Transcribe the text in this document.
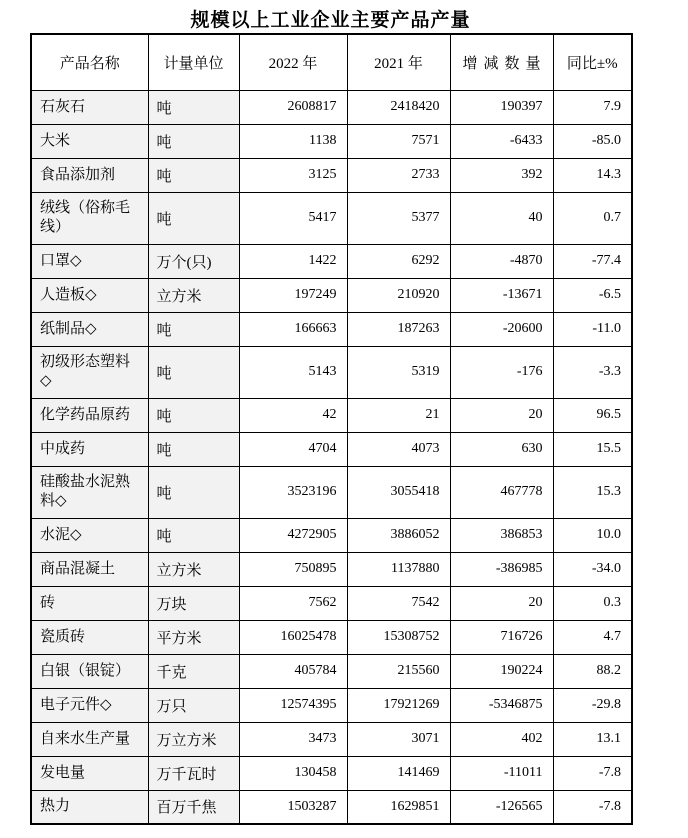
规模以上工业企业主要产品产量
产品名称	计量单位	2022 年	2021 年	增减数量	同比±%
石灰石	吨	2608817	2418420	190397	7.9
大米	吨	1138	7571	-6433	-85.0
食品添加剂	吨	3125	2733	392	14.3
绒线（俗称毛线）	吨	5417	5377	40	0.7
口罩◇	万个(只)	1422	6292	-4870	-77.4
人造板◇	立方米	197249	210920	-13671	-6.5
纸制品◇	吨	166663	187263	-20600	-11.0
初级形态塑料◇	吨	5143	5319	-176	-3.3
化学药品原药	吨	42	21	20	96.5
中成药	吨	4704	4073	630	15.5
硅酸盐水泥熟料◇	吨	3523196	3055418	467778	15.3
水泥◇	吨	4272905	3886052	386853	10.0
商品混凝土	立方米	750895	1137880	-386985	-34.0
砖	万块	7562	7542	20	0.3
瓷质砖	平方米	16025478	15308752	716726	4.7
白银（银锭）	千克	405784	215560	190224	88.2
电子元件◇	万只	12574395	17921269	-5346875	-29.8
自来水生产量	万立方米	3473	3071	402	13.1
发电量	万千瓦时	130458	141469	-11011	-7.8
热力	百万千焦	1503287	1629851	-126565	-7.8
